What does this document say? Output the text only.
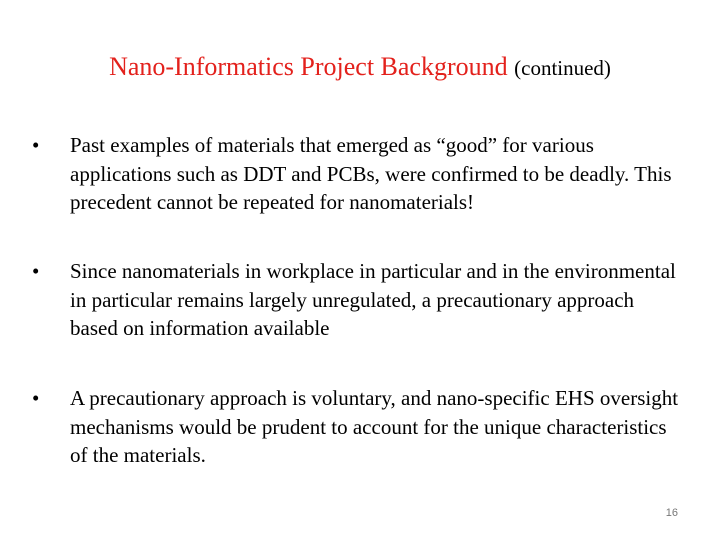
Nano-Informatics Project Background (continued)
• Past examples of materials that emerged as “good” for various applications such as DDT and PCBs, were confirmed to be deadly. This precedent cannot be repeated for nanomaterials!
• Since nanomaterials in workplace in particular and in the environmental in particular remains largely unregulated, a precautionary approach based on information available
• A precautionary approach is voluntary, and nano-specific EHS oversight mechanisms would be prudent to account for the unique characteristics of the materials.
16
